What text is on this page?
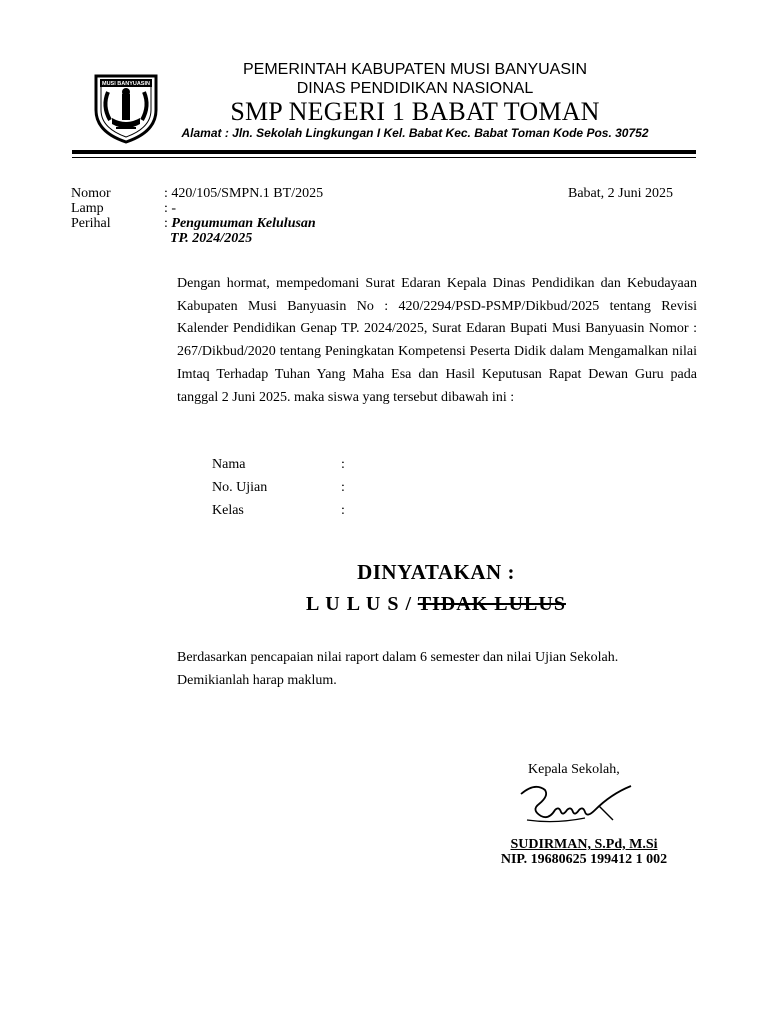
MUSI BANYUASIN
PEMERINTAH KABUPATEN MUSI BANYUASIN
DINAS PENDIDIKAN NASIONAL
SMP NEGERI 1 BABAT TOMAN
Alamat : Jln. Sekolah Lingkungan I Kel. Babat Kec. Babat Toman Kode Pos. 30752
Nomor
Lamp
Perihal
: 420/105/SMPN.1 BT/2025
: -
: Pengumuman Kelulusan
TP. 2024/2025
Babat, 2 Juni 2025
Dengan hormat, mempedomani Surat Edaran Kepala Dinas Pendidikan dan Kebudayaan Kabupaten Musi Banyuasin No : 420/2294/PSD-PSMP/Dikbud/2025 tentang Revisi Kalender Pendidikan Genap TP. 2024/2025, Surat Edaran Bupati Musi Banyuasin Nomor : 267/Dikbud/2020 tentang Peningkatan Kompetensi Peserta Didik dalam Mengamalkan nilai Imtaq Terhadap Tuhan Yang Maha Esa dan Hasil Keputusan Rapat Dewan Guru pada tanggal 2 Juni 2025. maka siswa yang tersebut dibawah ini :
Nama
No. Ujian
Kelas
:
:
:
DINYATAKAN :
L U L U S / TIDAK LULUS
Berdasarkan pencapaian nilai raport dalam 6 semester dan nilai Ujian Sekolah.
Demikianlah harap maklum.
Kepala Sekolah,
SUDIRMAN, S.Pd, M.Si
NIP. 19680625 199412 1 002
